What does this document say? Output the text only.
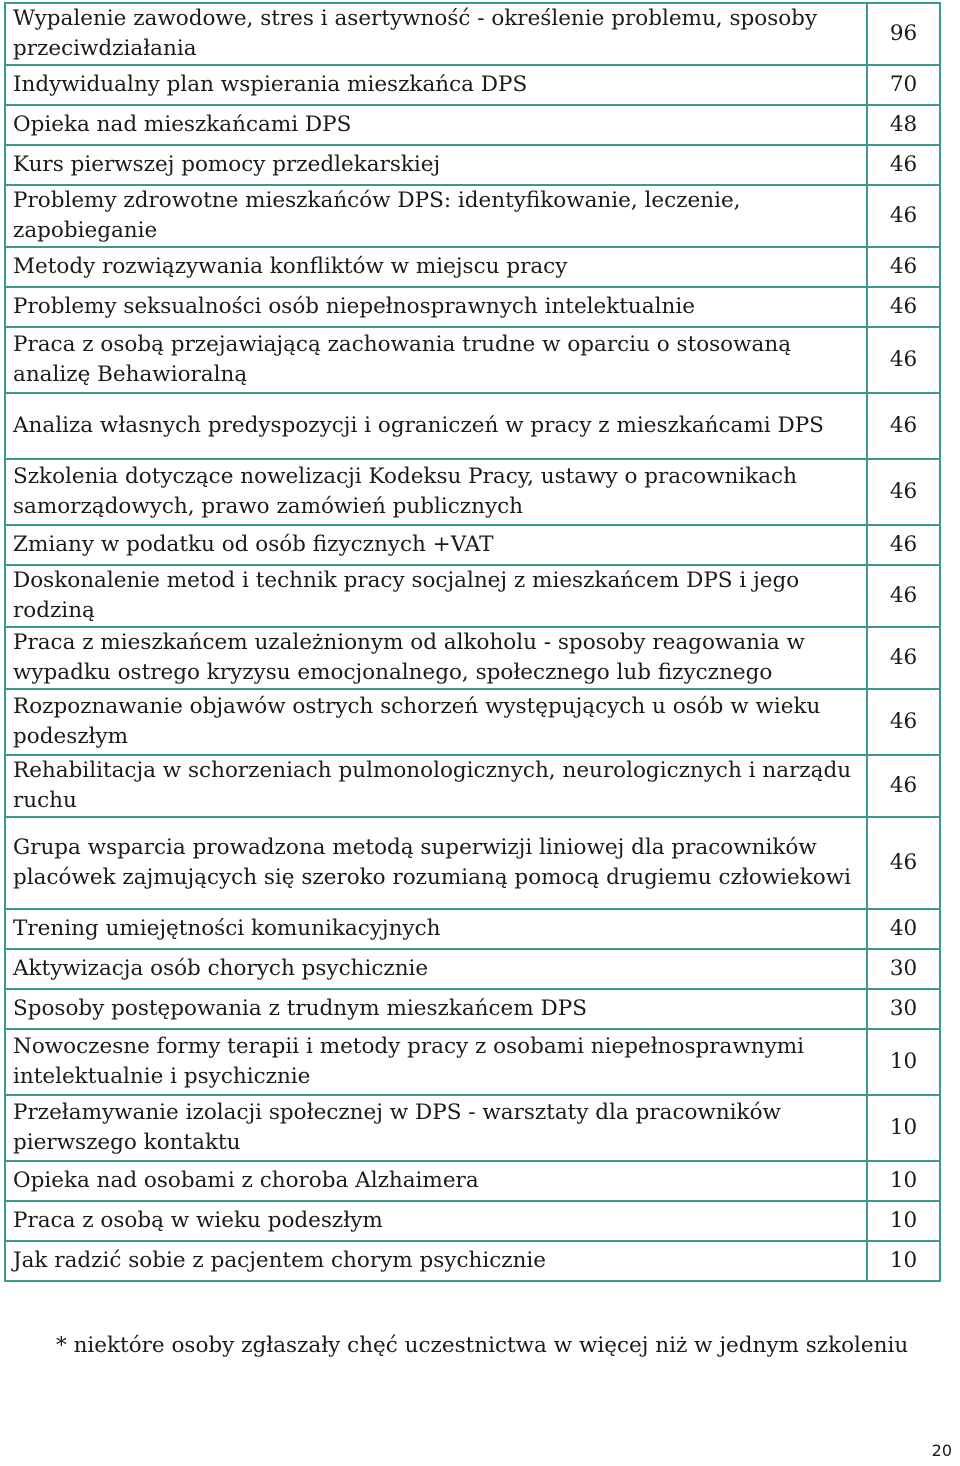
Wypalenie zawodowe, stres i asertywność - określenie problemu, sposoby przeciwdziałania	96
Indywidualny plan wspierania mieszkańca DPS	70
Opieka nad mieszkańcami DPS	48
Kurs pierwszej pomocy przedlekarskiej	46
Problemy zdrowotne mieszkańców DPS: identyfikowanie, leczenie, zapobieganie	46
Metody rozwiązywania konfliktów w miejscu pracy	46
Problemy seksualności osób niepełnosprawnych intelektualnie	46
Praca z osobą przejawiającą zachowania trudne w oparciu o stosowaną analizę Behawioralną	46
Analiza własnych predyspozycji i ograniczeń w pracy z mieszkańcami DPS	46
Szkolenia dotyczące nowelizacji Kodeksu Pracy, ustawy o pracownikach samorządowych, prawo zamówień publicznych	46
Zmiany w podatku od osób fizycznych +VAT	46
Doskonalenie metod i technik pracy socjalnej z mieszkańcem DPS i jego rodziną	46
Praca z mieszkańcem uzależnionym od alkoholu - sposoby reagowania w wypadku ostrego kryzysu emocjonalnego, społecznego lub fizycznego	46
Rozpoznawanie objawów ostrych schorzeń występujących u osób w wieku podeszłym	46
Rehabilitacja w schorzeniach pulmonologicznych, neurologicznych i narządu ruchu	46
Grupa wsparcia prowadzona metodą superwizji liniowej dla pracowników placówek zajmujących się szeroko rozumianą pomocą drugiemu człowiekowi	46
Trening umiejętności komunikacyjnych	40
Aktywizacja osób chorych psychicznie	30
Sposoby postępowania z trudnym mieszkańcem DPS	30
Nowoczesne formy terapii i metody pracy z osobami niepełnosprawnymi intelektualnie i psychicznie	10
Przełamywanie izolacji społecznej w DPS - warsztaty dla pracowników pierwszego kontaktu	10
Opieka nad osobami z choroba Alzhaimera	10
Praca z osobą w wieku podeszłym	10
Jak radzić sobie z pacjentem chorym psychicznie	10
* niektóre osoby zgłaszały chęć uczestnictwa w więcej niż w jednym szkoleniu
20
